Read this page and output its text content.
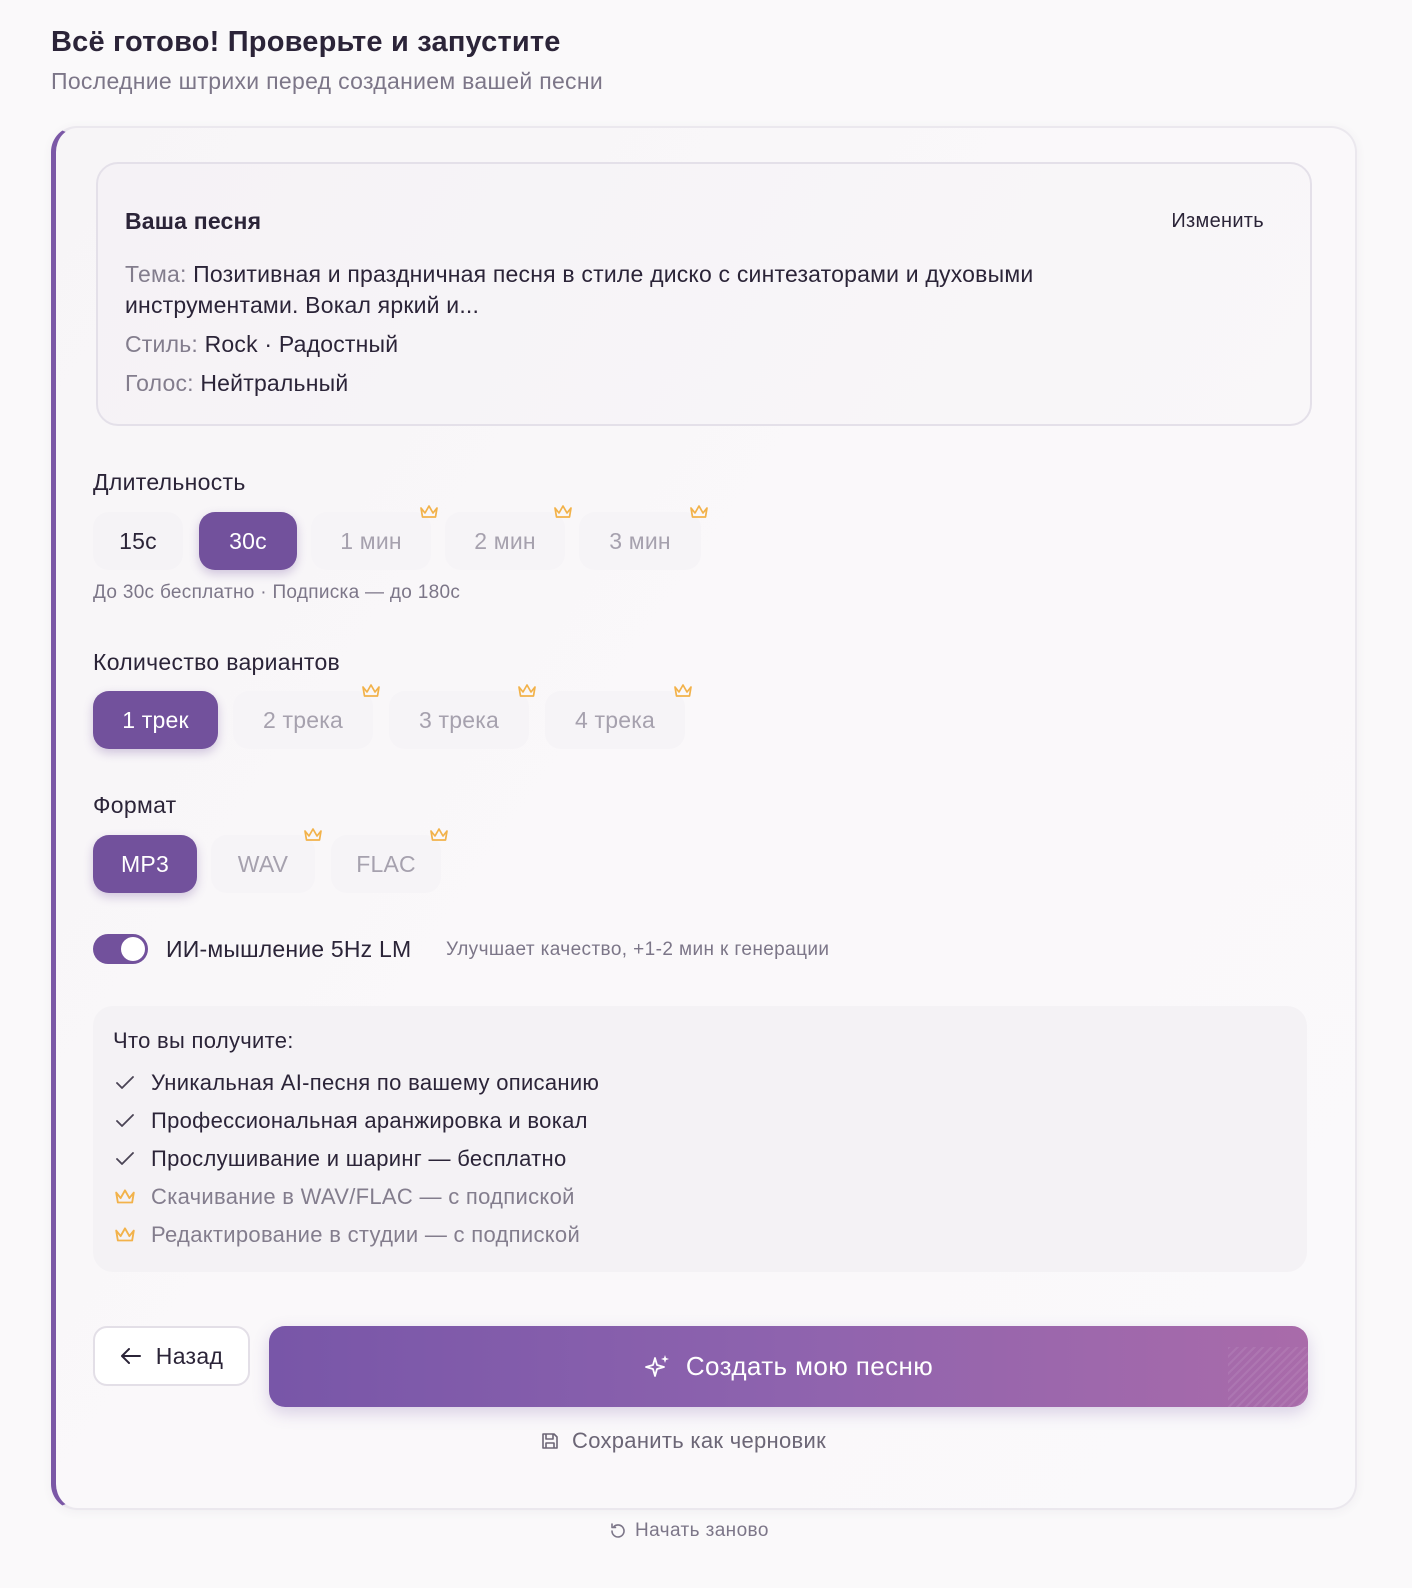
Всё готово! Проверьте и запустите
Последние штрихи перед созданием вашей песни
Ваша песня	Изменить
Тема: Позитивная и праздничная песня в стиле диско с синтезаторами и духовыми инструментами. Вокал яркий и...
Стиль: Rock · Радостный
Голос: Нейтральный
Длительность
15с	30с	1 мин	2 мин	3 мин
До 30с бесплатно · Подписка — до 180с
Количество вариантов
1 трек	2 трека	3 трека	4 трека
Формат
MP3	WAV	FLAC
ИИ-мышление 5Hz LM Улучшает качество, +1-2 мин к генерации
Что вы получите:
Уникальная AI-песня по вашему описанию
Профессиональная аранжировка и вокал
Прослушивание и шаринг — бесплатно
Скачивание в WAV/FLAC — с подпиской
Редактирование в студии — с подпиской
Назад	Создать мою песню
Сохранить как черновик
Начать заново
